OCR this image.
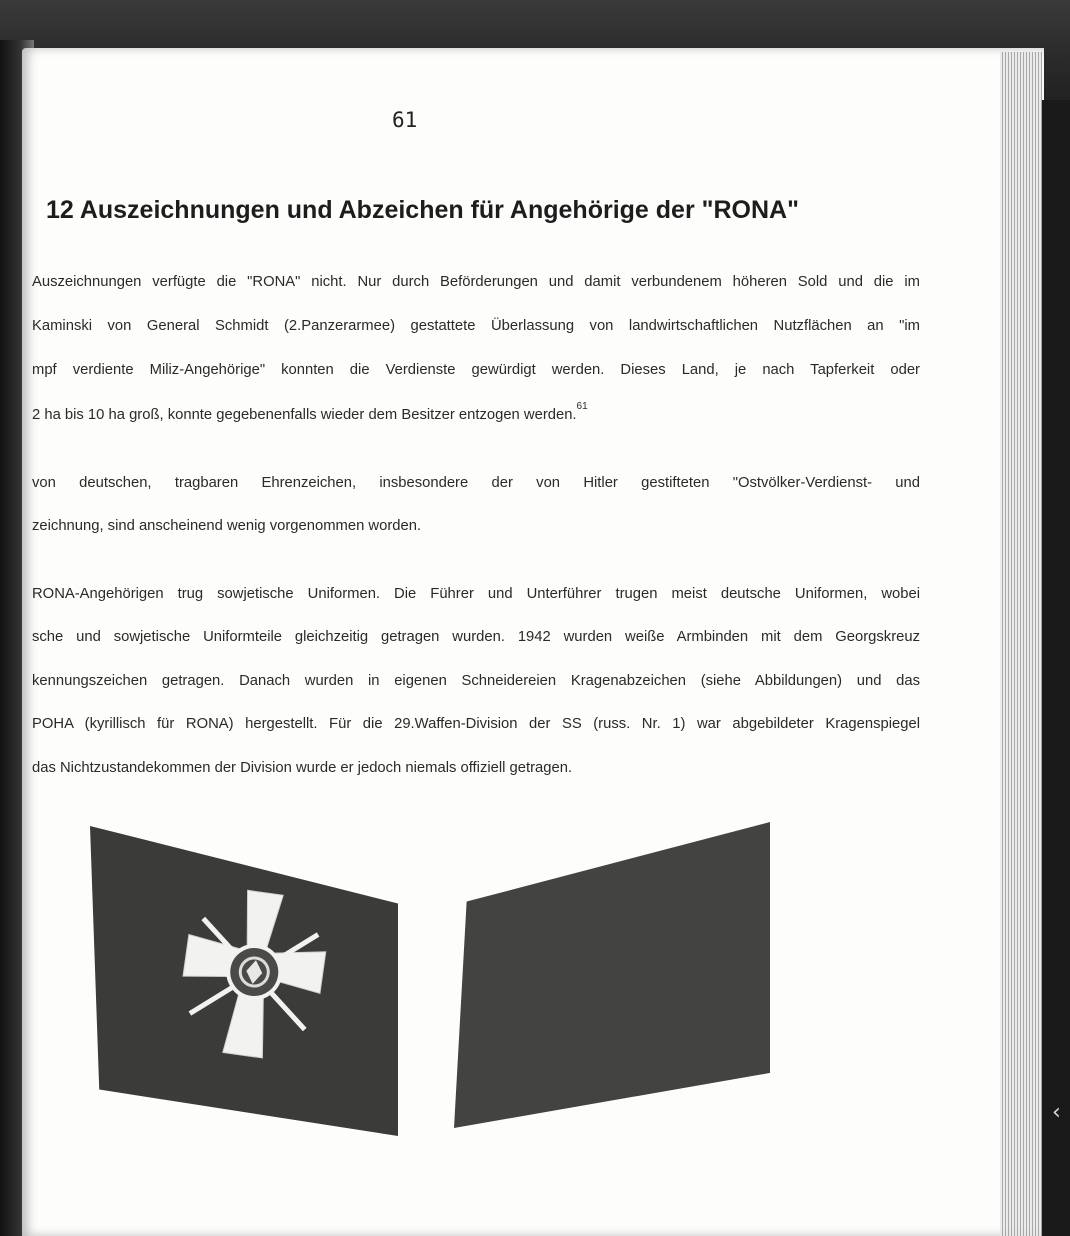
61
12 Auszeichnungen und Abzeichen für Angehörige der "RONA"
Auszeichnungen verfügte die "RONA" nicht. Nur durch Beförderungen und damit verbundenem höheren Sold und die im
Kaminski von General Schmidt (2.Panzerarmee) gestattete Überlassung von landwirtschaftlichen Nutzflächen an "im
mpf verdiente Miliz-Angehörige" konnten die Verdienste gewürdigt werden. Dieses Land, je nach Tapferkeit oder
2 ha bis 10 ha groß, konnte gegebenenfalls wieder dem Besitzer entzogen werden.$^{61}$
von deutschen, tragbaren Ehrenzeichen, insbesondere der von Hitler gestifteten "Ostvölker-Verdienst- und
zeichnung, sind anscheinend wenig vorgenommen worden.
RONA-Angehörigen trug sowjetische Uniformen. Die Führer und Unterführer trugen meist deutsche Uniformen, wobei
sche und sowjetische Uniformteile gleichzeitig getragen wurden. 1942 wurden weiße Armbinden mit dem Georgskreuz
kennungszeichen getragen. Danach wurden in eigenen Schneidereien Kragenabzeichen (siehe Abbildungen) und das
POHA (kyrillisch für RONA) hergestellt. Für die 29.Waffen-Division der SS (russ. Nr. 1) war abgebildeter Kragenspiegel
das Nichtzustandekommen der Division wurde er jedoch niemals offiziell getragen.
‹
